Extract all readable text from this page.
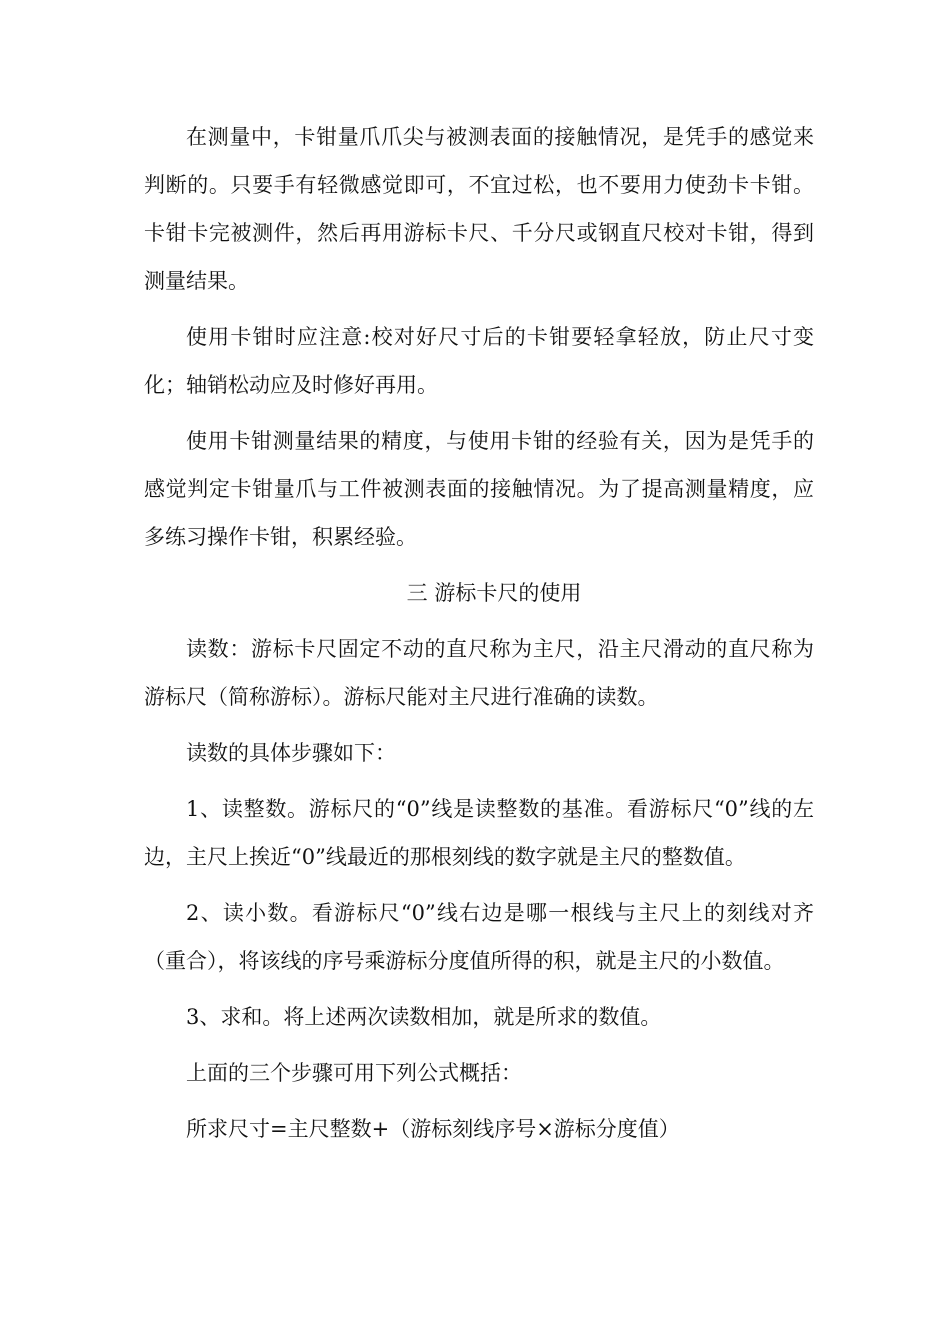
在测量中，卡钳量爪爪尖与被测表面的接触情况，是凭手的感觉来判断的。只要手有轻微感觉即可，不宜过松，也不要用力使劲卡卡钳。卡钳卡完被测件，然后再用游标卡尺、千分尺或钢直尺校对卡钳，得到测量结果。

使用卡钳时应注意:校对好尺寸后的卡钳要轻拿轻放，防止尺寸变化；轴销松动应及时修好再用。

使用卡钳测量结果的精度，与使用卡钳的经验有关，因为是凭手的感觉判定卡钳量爪与工件被测表面的接触情况。为了提高测量精度，应多练习操作卡钳，积累经验。

三 游标卡尺的使用

读数：游标卡尺固定不动的直尺称为主尺，沿主尺滑动的直尺称为游标尺（简称游标）。游标尺能对主尺进行准确的读数。

读数的具体步骤如下：

1、读整数。游标尺的“0”线是读整数的基准。看游标尺“0”线的左边，主尺上挨近“0”线最近的那根刻线的数字就是主尺的整数值。

2、读小数。看游标尺“0”线右边是哪一根线与主尺上的刻线对齐（重合），将该线的序号乘游标分度值所得的积，就是主尺的小数值。

3、求和。将上述两次读数相加，就是所求的数值。

上面的三个步骤可用下列公式概括：

所求尺寸=主尺整数+（游标刻线序号×游标分度值）
